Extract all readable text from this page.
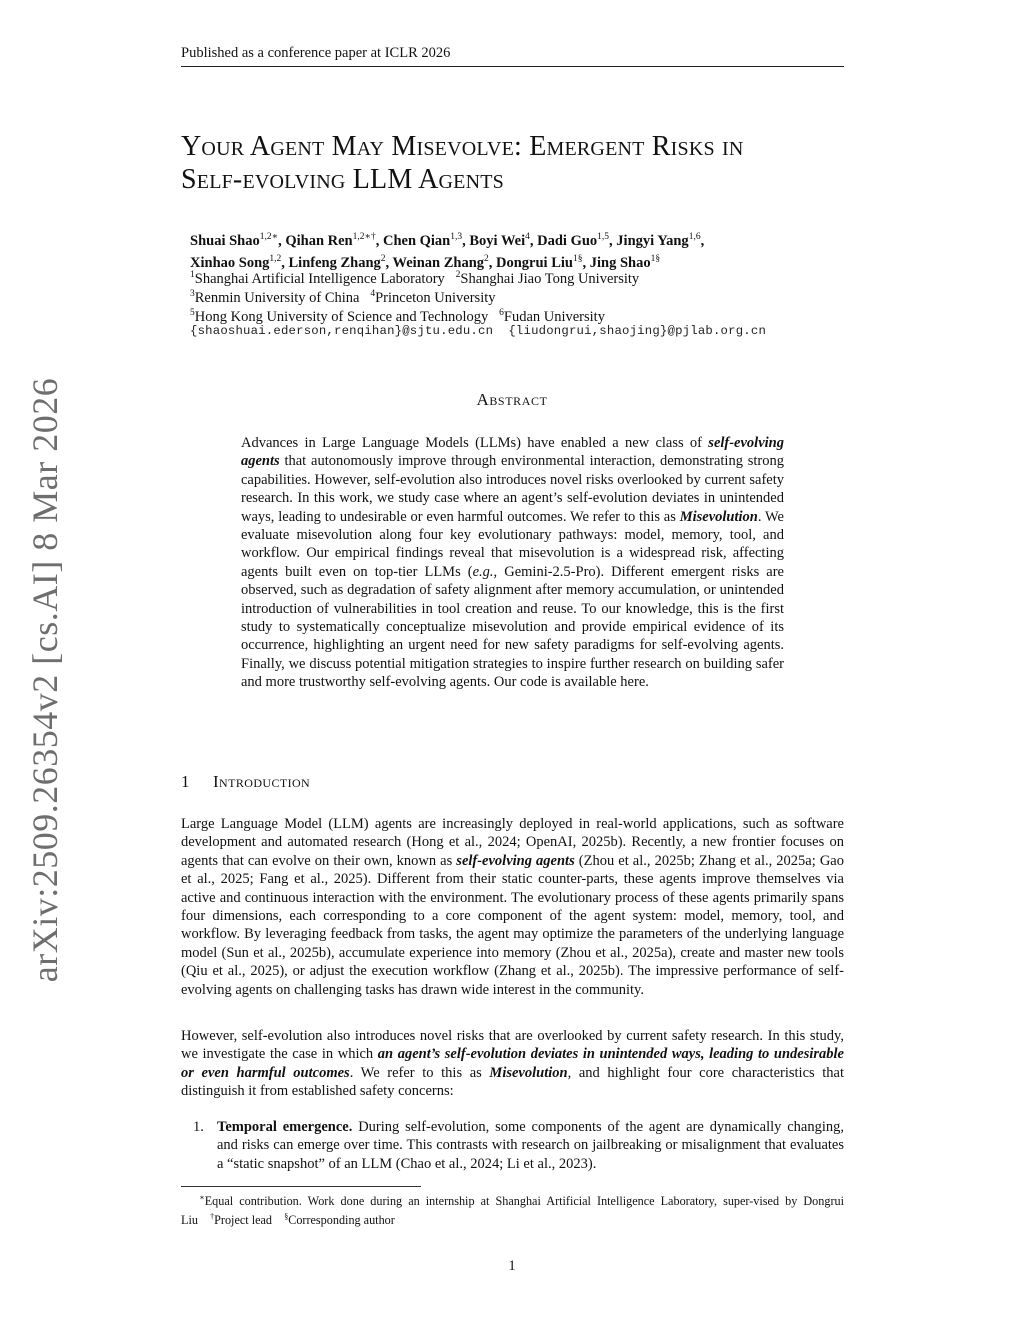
Published as a conference paper at ICLR 2026
arXiv:2509.26354v2 [cs.AI] 8 Mar 2026
Your Agent May Misevolve: Emergent Risks in
Self-evolving LLM Agents
Shuai Shao$^{1,2∗}$, Qihan Ren$^{1,2∗\dagger}$, Chen Qian$^{1,3}$, Boyi Wei$^4$, Dadi Guo$^{1,5}$, Jingyi Yang$^{1,6}$,
Xinhao Song$^{1,2}$, Linfeng Zhang$^2$, Weinan Zhang$^2$, Dongrui Liu$^{1\S}$, Jing Shao$^{1\S}$
$^1$Shanghai Artificial Intelligence Laboratory $^2$Shanghai Jiao Tong University
$^3$Renmin University of China $^4$Princeton University
$^5$Hong Kong University of Science and Technology $^6$Fudan University
{shaoshuai.ederson,renqihan}@sjtu.edu.cn  {liudongrui,shaojing}@pjlab.org.cn
Abstract
Advances in Large Language Models (LLMs) have enabled a new class of self-evolving agents that autonomously improve through environmental interaction, demonstrating strong capabilities. However, self-evolution also introduces novel risks overlooked by current safety research. In this work, we study case where an agent’s self-evolution deviates in unintended ways, leading to undesirable or even harmful outcomes. We refer to this as Misevolution. We evaluate misevolution along four key evolutionary pathways: model, memory, tool, and workflow. Our empirical findings reveal that misevolution is a widespread risk, affecting agents built even on top-tier LLMs (e.g., Gemini-2.5-Pro). Different emergent risks are observed, such as degradation of safety alignment after memory accumulation, or unintended introduction of vulnerabilities in tool creation and reuse. To our knowledge, this is the first study to systematically conceptualize misevolution and provide empirical evidence of its occurrence, highlighting an urgent need for new safety paradigms for self-evolving agents. Finally, we discuss potential mitigation strategies to inspire further research on building safer and more trustworthy self-evolving agents. Our code is available here.
1 Introduction
Large Language Model (LLM) agents are increasingly deployed in real-world applications, such as software development and automated research (Hong et al., 2024; OpenAI, 2025b). Recently, a new frontier focuses on agents that can evolve on their own, known as self-evolving agents (Zhou et al., 2025b; Zhang et al., 2025a; Gao et al., 2025; Fang et al., 2025). Different from their static counter-parts, these agents improve themselves via active and continuous interaction with the environment. The evolutionary process of these agents primarily spans four dimensions, each corresponding to a core component of the agent system: model, memory, tool, and workflow. By leveraging feedback from tasks, the agent may optimize the parameters of the underlying language model (Sun et al., 2025b), accumulate experience into memory (Zhou et al., 2025a), create and master new tools (Qiu et al., 2025), or adjust the execution workflow (Zhang et al., 2025b). The impressive performance of self-evolving agents on challenging tasks has drawn wide interest in the community.
However, self-evolution also introduces novel risks that are overlooked by current safety research. In this study, we investigate the case in which an agent’s self-evolution deviates in unintended ways, leading to undesirable or even harmful outcomes. We refer to this as Misevolution, and highlight four core characteristics that distinguish it from established safety concerns:
1. Temporal emergence. During self-evolution, some components of the agent are dynamically changing, and risks can emerge over time. This contrasts with research on jailbreaking or misalignment that evaluates a “static snapshot” of an LLM (Chao et al., 2024; Li et al., 2023).
∗Equal contribution. Work done during an internship at Shanghai Artificial Intelligence Laboratory, super-vised by Dongrui Liu †Project lead §Corresponding author
1
